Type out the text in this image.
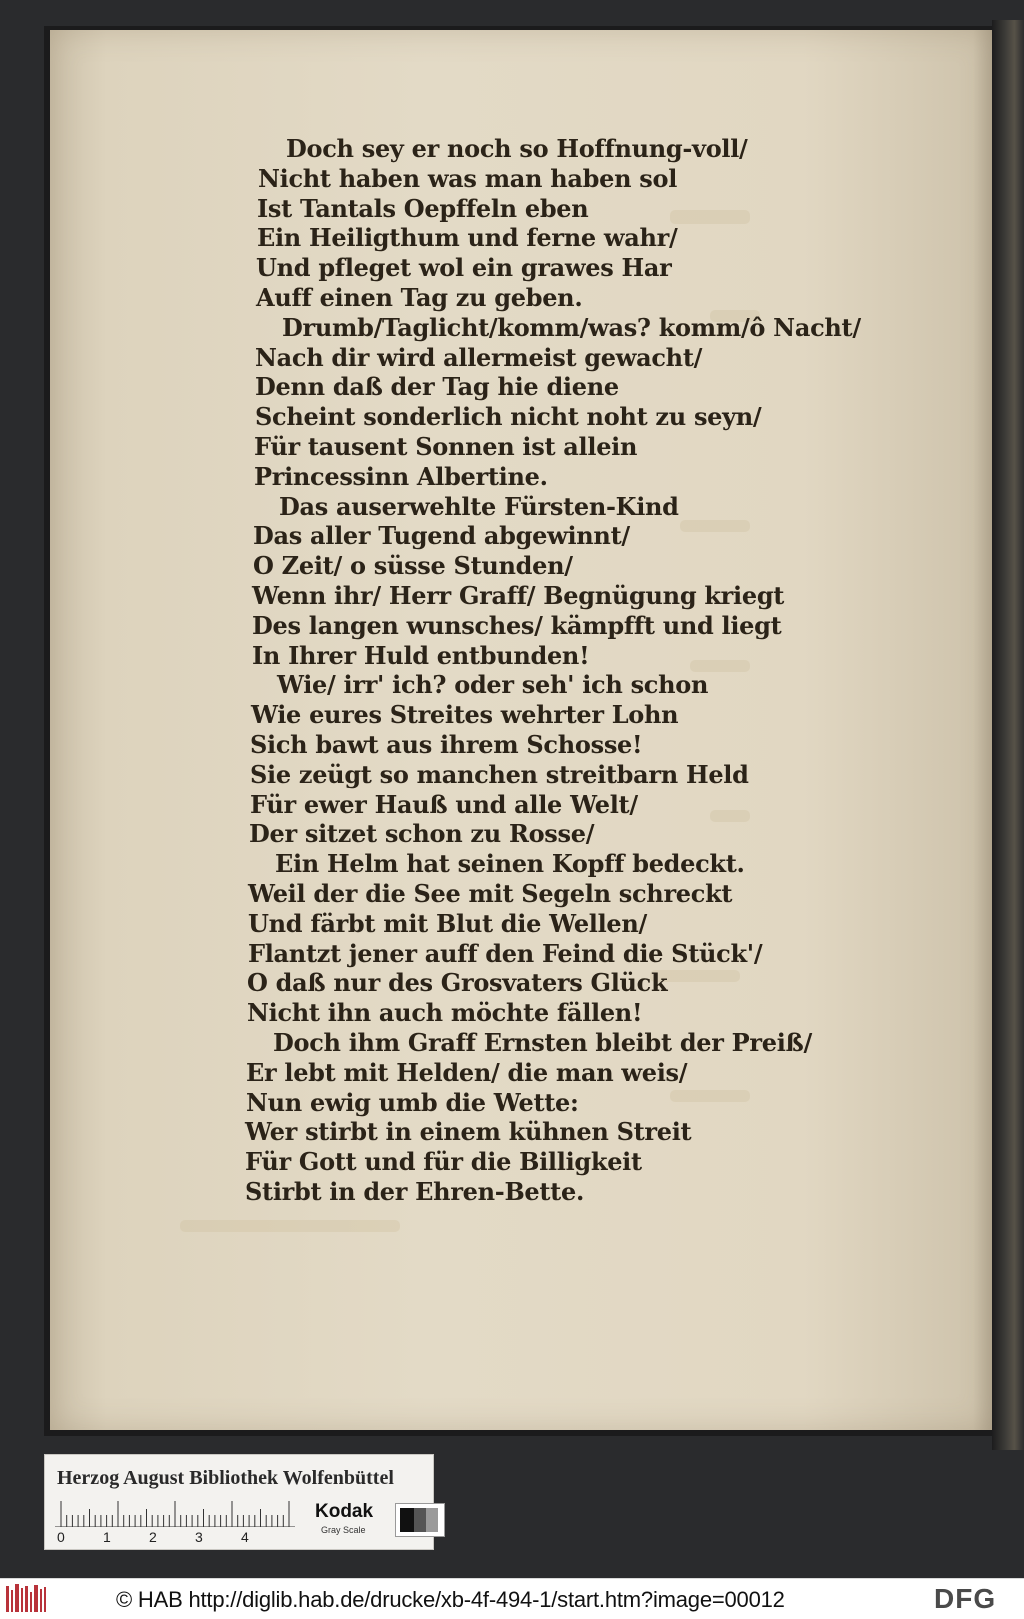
Doch sey er noch so Hoffnung-voll/
Nicht haben was man haben sol
Ist Tantals Oepffeln eben
Ein Heiligthum und ferne wahr/
Und pfleget wol ein grawes Har
Auff einen Tag zu geben.
Drumb/Taglicht/komm/was? komm/ô Nacht/
Nach dir wird allermeist gewacht/
Denn daß der Tag hie diene
Scheint sonderlich nicht noht zu seyn/
Für tausent Sonnen ist allein
Princessinn Albertine.
Das auserwehlte Fürsten-Kind
Das aller Tugend abgewinnt/
O Zeit/ o süsse Stunden/
Wenn ihr/ Herr Graff/ Begnügung kriegt
Des langen wunsches/ kämpfft und liegt
In Ihrer Huld entbunden!
Wie/ irr' ich? oder seh' ich schon
Wie eures Streites wehrter Lohn
Sich bawt aus ihrem Schosse!
Sie zeügt so manchen streitbarn Held
Für ewer Hauß und alle Welt/
Der sitzet schon zu Rosse/
Ein Helm hat seinen Kopff bedeckt.
Weil der die See mit Segeln schreckt
Und färbt mit Blut die Wellen/
Flantzt jener auff den Feind die Stück'/
O daß nur des Grosvaters Glück
Nicht ihn auch möchte fällen!
Doch ihm Graff Ernsten bleibt der Preiß/
Er lebt mit Helden/ die man weis/
Nun ewig umb die Wette:
Wer stirbt in einem kühnen Streit
Für Gott und für die Billigkeit
Stirbt in der Ehren-Bette.
Herzog August Bibliothek Wolfenbüttel
0	1	2	3	4
Kodak
Gray Scale
© HAB http://diglib.hab.de/drucke/xb-4f-494-1/start.htm?image=00012	DFG
